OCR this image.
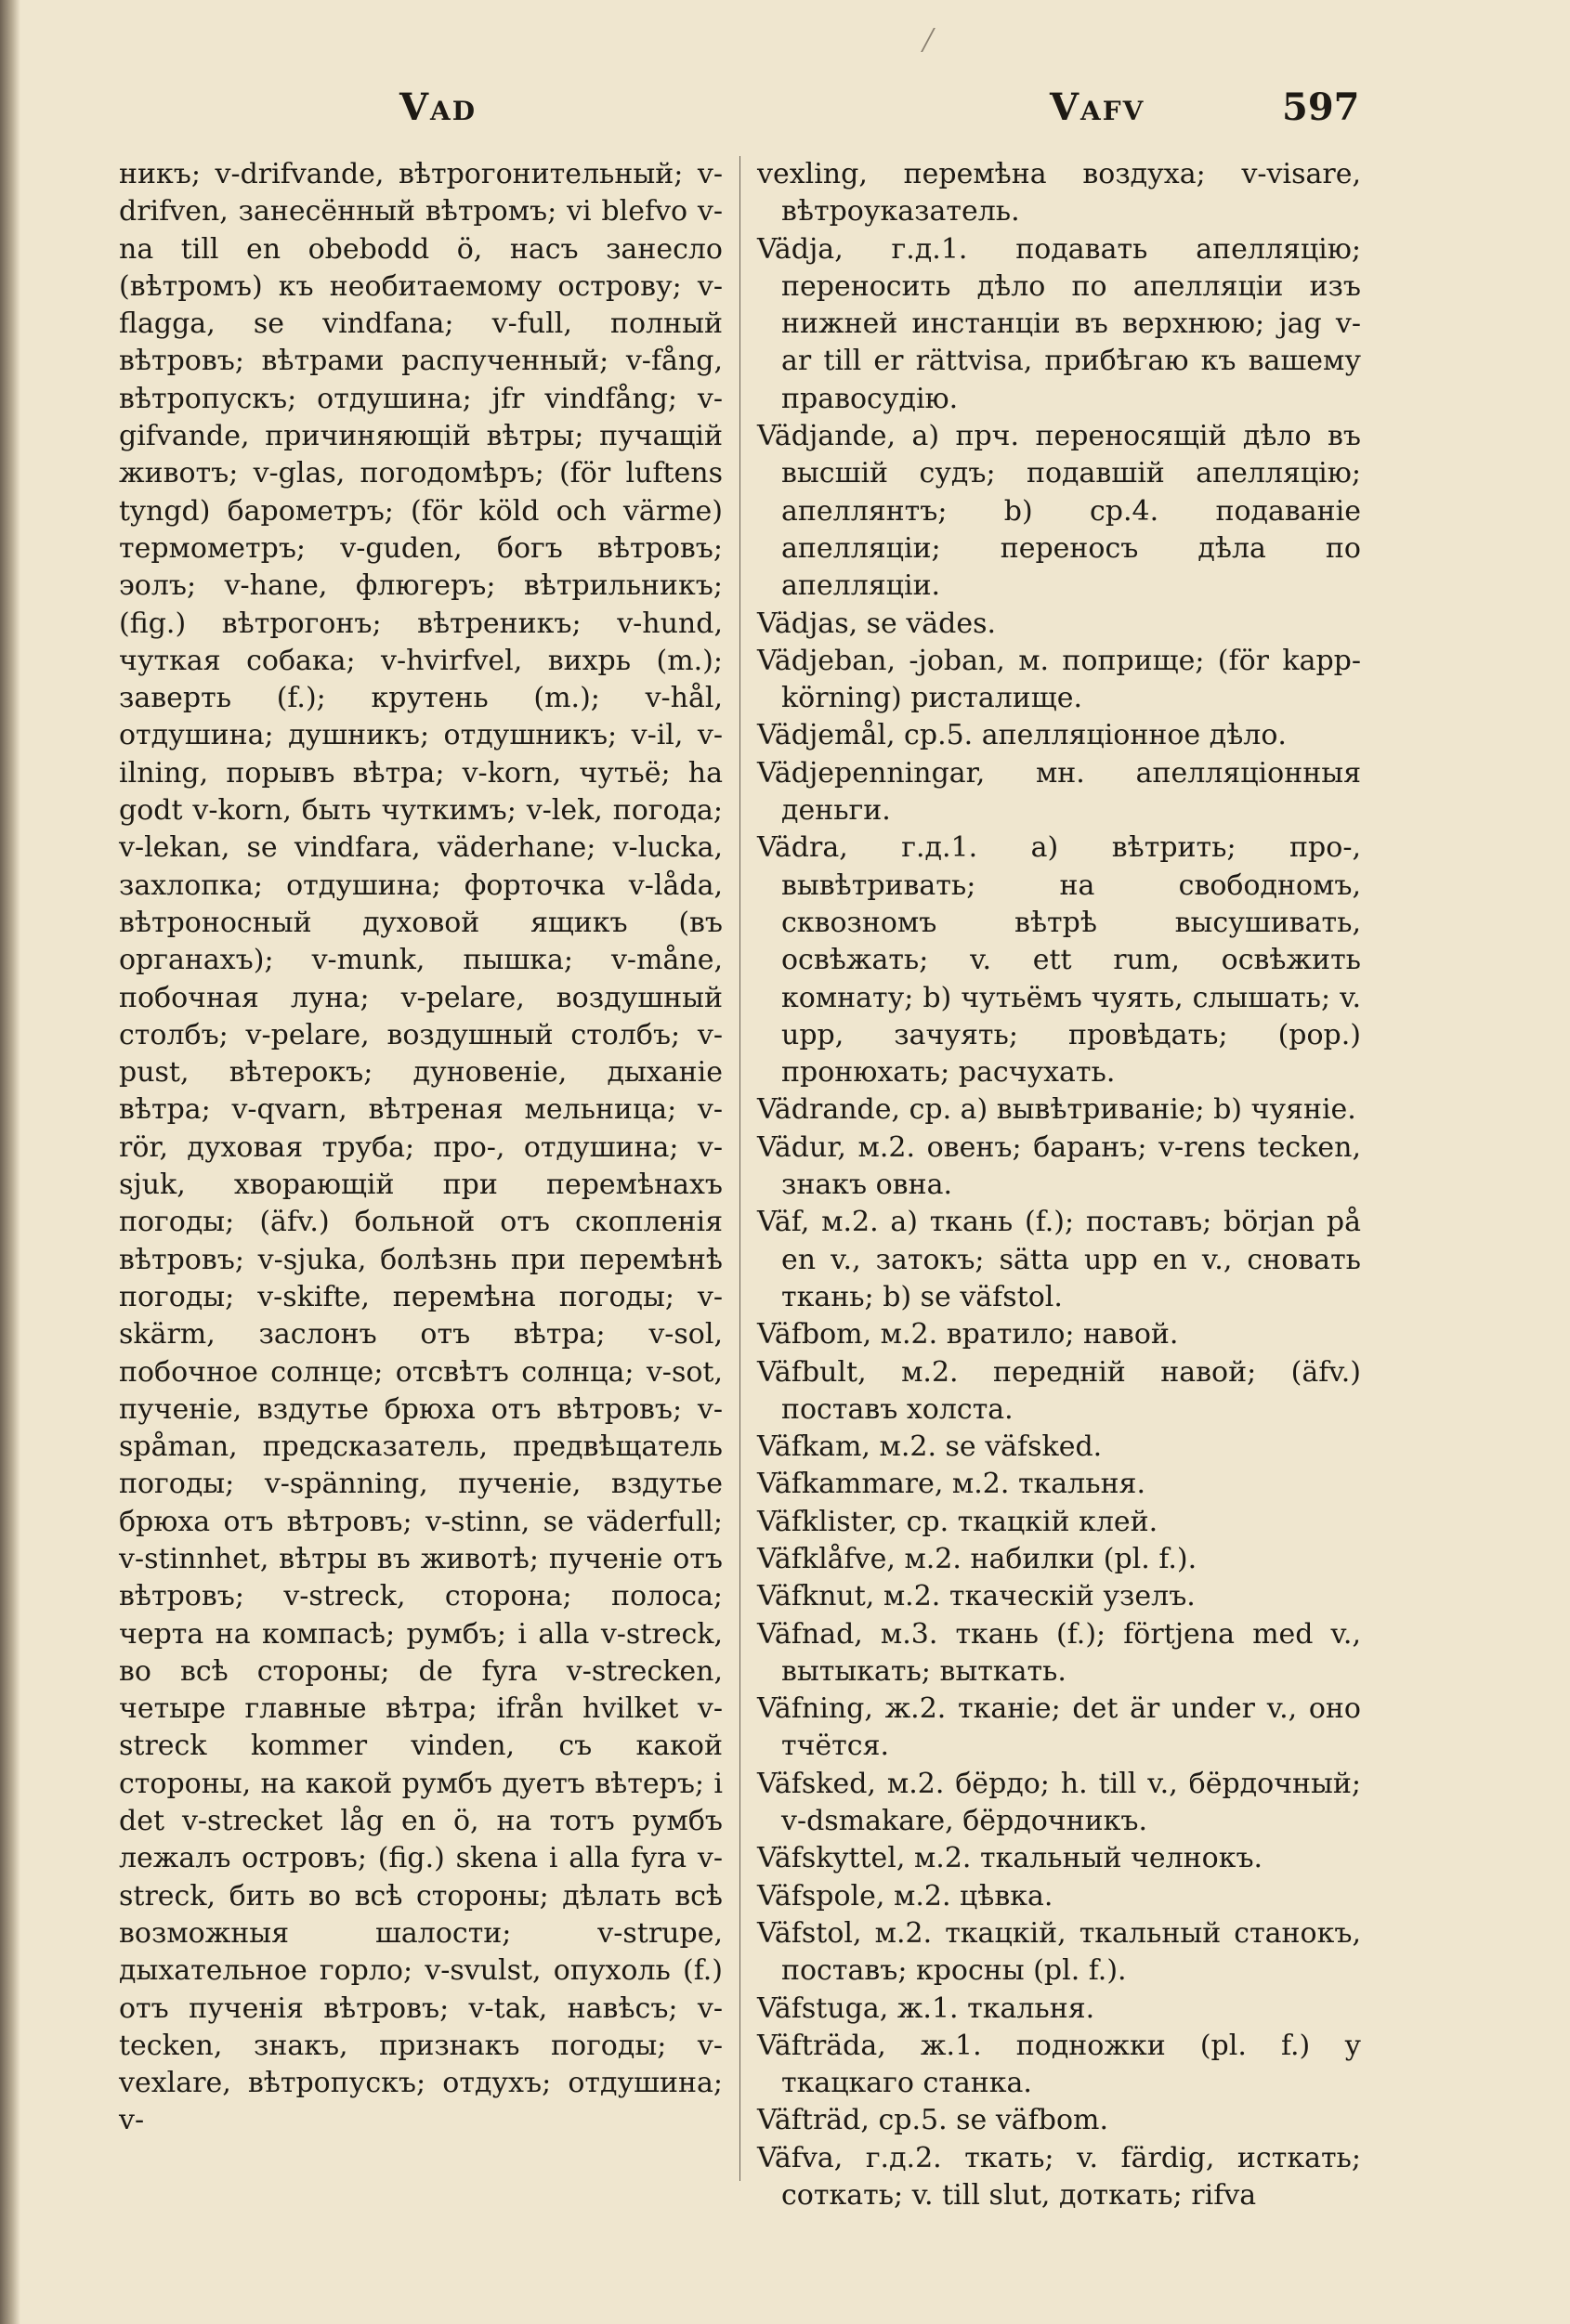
Vad	Vafv	597

никъ; v-drifvande, вѣтрогонительный; v-drifven, занесённый вѣтромъ; vi blefvo v-na till en obebodd ö, насъ занесло (вѣтромъ) къ необитаемому острову; v-flagga, se vindfana; v-full, полный вѣтровъ; вѣтрами распученный; v-fång, вѣтропускъ; отдушина; jfr vindfång; v-gifvande, причиняющій вѣтры; пучащій животъ; v-glas, погодомѣръ; (för luftens tyngd) барометръ; (för köld och värme) термометръ; v-guden, богъ вѣтровъ; эолъ; v-hane, флюгеръ; вѣтрильникъ; (fig.) вѣтрогонъ; вѣтреникъ; v-hund, чуткая собака; v-hvirfvel, вихрь (m.); заверть (f.); крутень (m.); v-hål, отдушина; душникъ; отдушникъ; v-il, v-ilning, порывъ вѣтра; v-korn, чутьё; ha godt v-korn, быть чуткимъ; v-lek, погода; v-lekan, se vindfara, väderhane; v-lucka, захлопка; отдушина; форточка v-låda, вѣтроносный духовой ящикъ (въ органахъ); v-munk, пышка; v-måne, побочная луна; v-pelare, воздушный столбъ; v-pelare, воздушный столбъ; v-pust, вѣтерокъ; дуновеніе, дыханіе вѣтра; v-qvarn, вѣтреная мельница; v-rör, духовая труба; про-, отдушина; v-sjuk, хворающій при перемѣнахъ погоды; (äfv.) больной отъ скопленія вѣтровъ; v-sjuka, болѣзнь при перемѣнѣ погоды; v-skifte, перемѣна погоды; v-skärm, заслонъ отъ вѣтра; v-sol, побочное солнце; отсвѣтъ солнца; v-sot, пученіе, вздутье брюха отъ вѣтровъ; v-spåman, предсказатель, предвѣщатель погоды; v-spänning, пученіе, вздутье брюха отъ вѣтровъ; v-stinn, se väderfull; v-stinnhet, вѣтры въ животѣ; пученіе отъ вѣтровъ; v-streck, сторона; полоса; черта на компасѣ; румбъ; i alla v-streck, во всѣ стороны; de fyra v-strecken, четыре главные вѣтра; ifrån hvilket v-streck kommer vinden, съ какой стороны, на какой румбъ дуетъ вѣтеръ; i det v-strecket låg en ö, на тотъ румбъ лежалъ островъ; (fig.) skena i alla fyra v-streck, бить во всѣ стороны; дѣлать всѣ возможныя шалости; v-strupe, дыхательное горло; v-svulst, опухоль (f.) отъ пученія вѣтровъ; v-tak, навѣсъ; v-tecken, знакъ, признакъ погоды; v-vexlare, вѣтропускъ; отдухъ; отдушина; v-

vexling, перемѣна воздуха; v-visare, вѣтроуказатель.

Vädja, г.д.1. подавать апелляцію; переносить дѣло по апелляціи изъ нижней инстанціи въ верхнюю; jag v-ar till er rättvisa, прибѣгаю къ вашему правосудію.

Vädjande, а) прч. переносящій дѣло въ высшій судъ; подавшій апелляцію; апеллянтъ; b) ср.4. подаваніе апелляціи; переносъ дѣла по апелляціи.

Vädjas, se vädes.

Vädjeban, -joban, м. поприще; (för kapp-körning) ристалище.

Vädjemål, ср.5. апелляціонное дѣло.

Vädjepenningar, мн. апелляціонныя деньги.

Vädra, г.д.1. а) вѣтрить; про-, вывѣтривать; на свободномъ, сквозномъ вѣтрѣ высушивать, освѣжать; v. ett rum, освѣжить комнату; b) чутьёмъ чуять, слышать; v. upp, зачуять; провѣдать; (pop.) пронюхать; расчухать.

Vädrande, ср. а) вывѣтриваніе; b) чуяніе.

Vädur, м.2. овенъ; баранъ; v-rens tecken, знакъ овна.

Väf, м.2. а) ткань (f.); поставъ; början på en v., затокъ; sätta upp en v., сновать ткань; b) se väfstol.

Väfbom, м.2. вратило; навой.

Väfbult, м.2. передній навой; (äfv.) поставъ холста.

Väfkam, м.2. se väfsked.

Väfkammare, м.2. ткальня.

Väfklister, ср. ткацкій клей.

Väfklåfve, м.2. набилки (pl. f.).

Väfknut, м.2. ткаческій узелъ.

Väfnad, м.3. ткань (f.); förtjena med v., вытыкать; выткать.

Väfning, ж.2. тканіе; det är under v., оно тчётся.

Väfsked, м.2. бёрдо; h. till v., бёрдочный; v-dsmakare, бёрдочникъ.

Väfskyttel, м.2. ткальный челнокъ.

Väfspole, м.2. цѣвка.

Väfstol, м.2. ткацкій, ткальный станокъ, поставъ; кросны (pl. f.).

Väfstuga, ж.1. ткальня.

Väfträda, ж.1. подножки (pl. f.) у ткацкаго станка.

Väfträd, ср.5. se väfbom.

Väfva, г.д.2. ткать; v. färdig, исткать; соткать; v. till slut, доткать; rifva
